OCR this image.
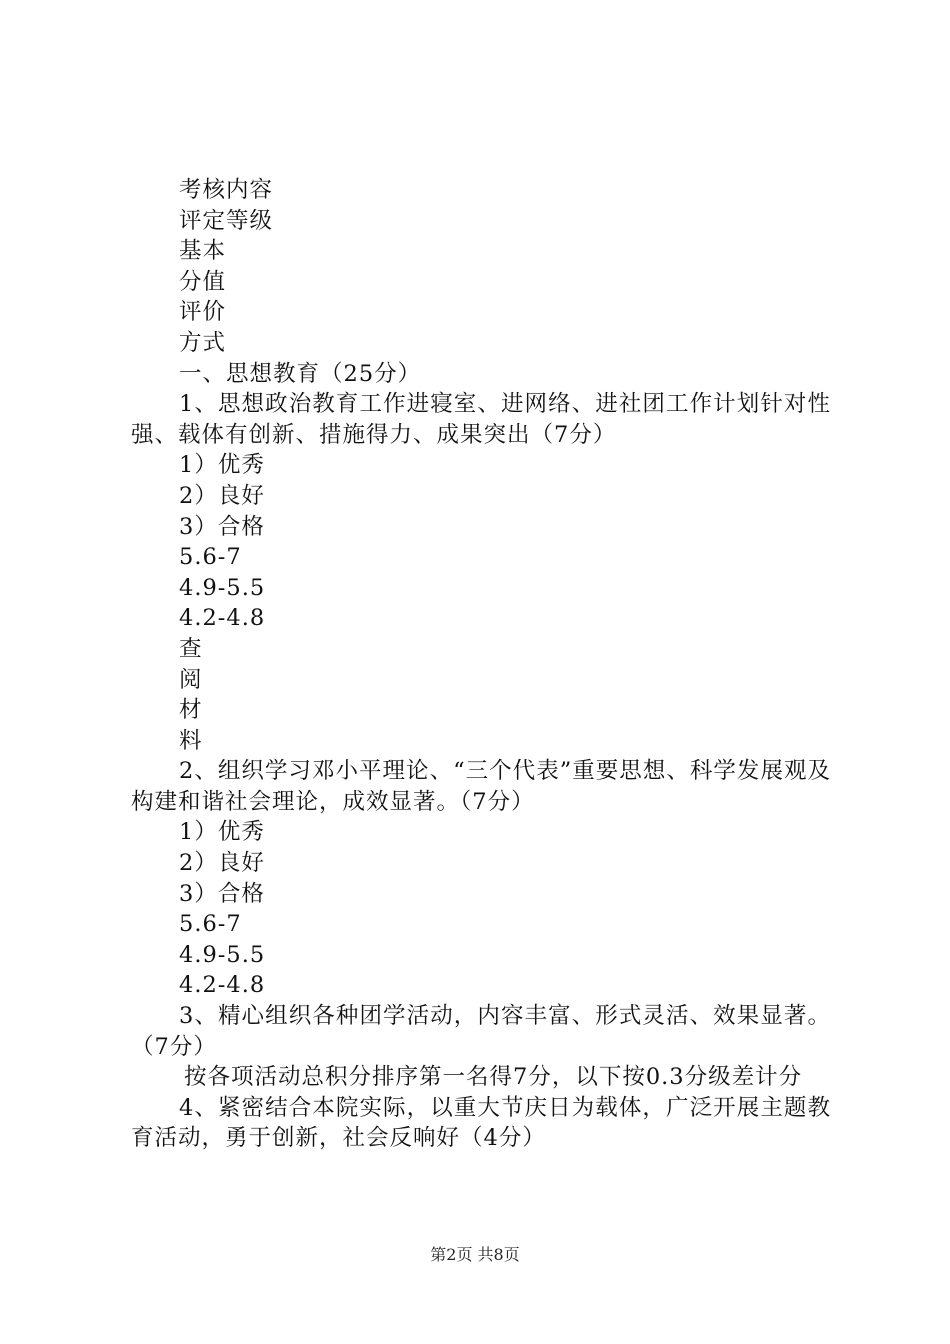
考核内容

评定等级

基本

分值

评价

方式

一、思想教育（25分）

1、思想政治教育工作进寝室、进网络、进社团工作计划针对性强、载体有创新、措施得力、成果突出（7分）

1）优秀

2）良好

3）合格

5.6-7

4.9-5.5

4.2-4.8

查

阅

材

料

2、组织学习邓小平理论、“三个代表”重要思想、科学发展观及构建和谐社会理论，成效显著。（7分）

1）优秀

2）良好

3）合格

5.6-7

4.9-5.5

4.2-4.8

3、精心组织各种团学活动，内容丰富、形式灵活、效果显著。（7分）

按各项活动总积分排序第一名得7分，以下按0.3分级差计分

4、紧密结合本院实际，以重大节庆日为载体，广泛开展主题教育活动，勇于创新，社会反响好（4分）

第2页 共8页
